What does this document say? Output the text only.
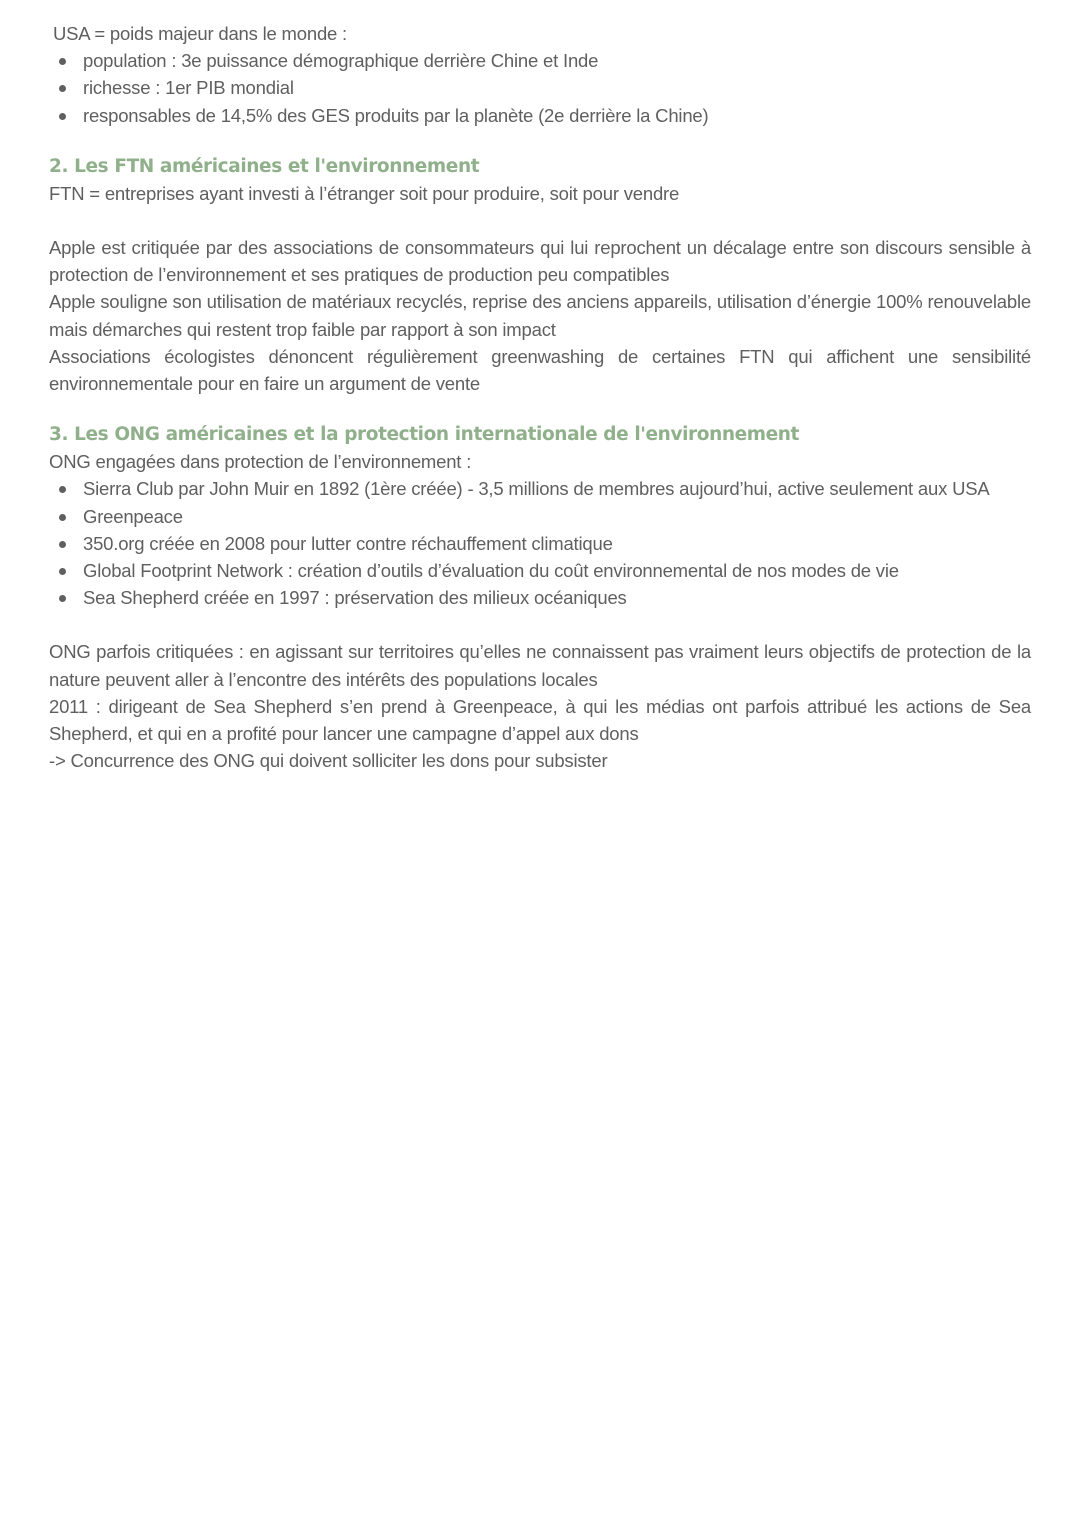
USA = poids majeur dans le monde :

population : 3e puissance démographique derrière Chine et Inde
richesse : 1er PIB mondial
responsables de 14,5% des GES produits par la planète (2e derrière la Chine)
2. Les FTN américaines et l'environnement

FTN = entreprises ayant investi à l’étranger soit pour produire, soit pour vendre

Apple est critiquée par des associations de consommateurs qui lui reprochent un décalage entre son discours sensible à protection de l’environnement et ses pratiques de production peu compatibles

Apple souligne son utilisation de matériaux recyclés, reprise des anciens appareils, utilisation d’énergie 100% renouvelable mais démarches qui restent trop faible par rapport à son impact

Associations écologistes dénoncent régulièrement greenwashing de certaines FTN qui affichent une sensibilité environnementale pour en faire un argument de vente

3. Les ONG américaines et la protection internationale de l'environnement

ONG engagées dans protection de l’environnement :

Sierra Club par John Muir en 1892 (1ère créée) - 3,5 millions de membres aujourd’hui, active seulement aux USA
Greenpeace
350.org créée en 2008 pour lutter contre réchauffement climatique
Global Footprint Network : création d’outils d’évaluation du coût environnemental de nos modes de vie
Sea Shepherd créée en 1997 : préservation des milieux océaniques

ONG parfois critiquées : en agissant sur territoires qu’elles ne connaissent pas vraiment leurs objectifs de protection de la nature peuvent aller à l’encontre des intérêts des populations locales

2011 : dirigeant de Sea Shepherd s’en prend à Greenpeace, à qui les médias ont parfois attribué les actions de Sea Shepherd, et qui en a profité pour lancer une campagne d’appel aux dons

-> Concurrence des ONG qui doivent solliciter les dons pour subsister
